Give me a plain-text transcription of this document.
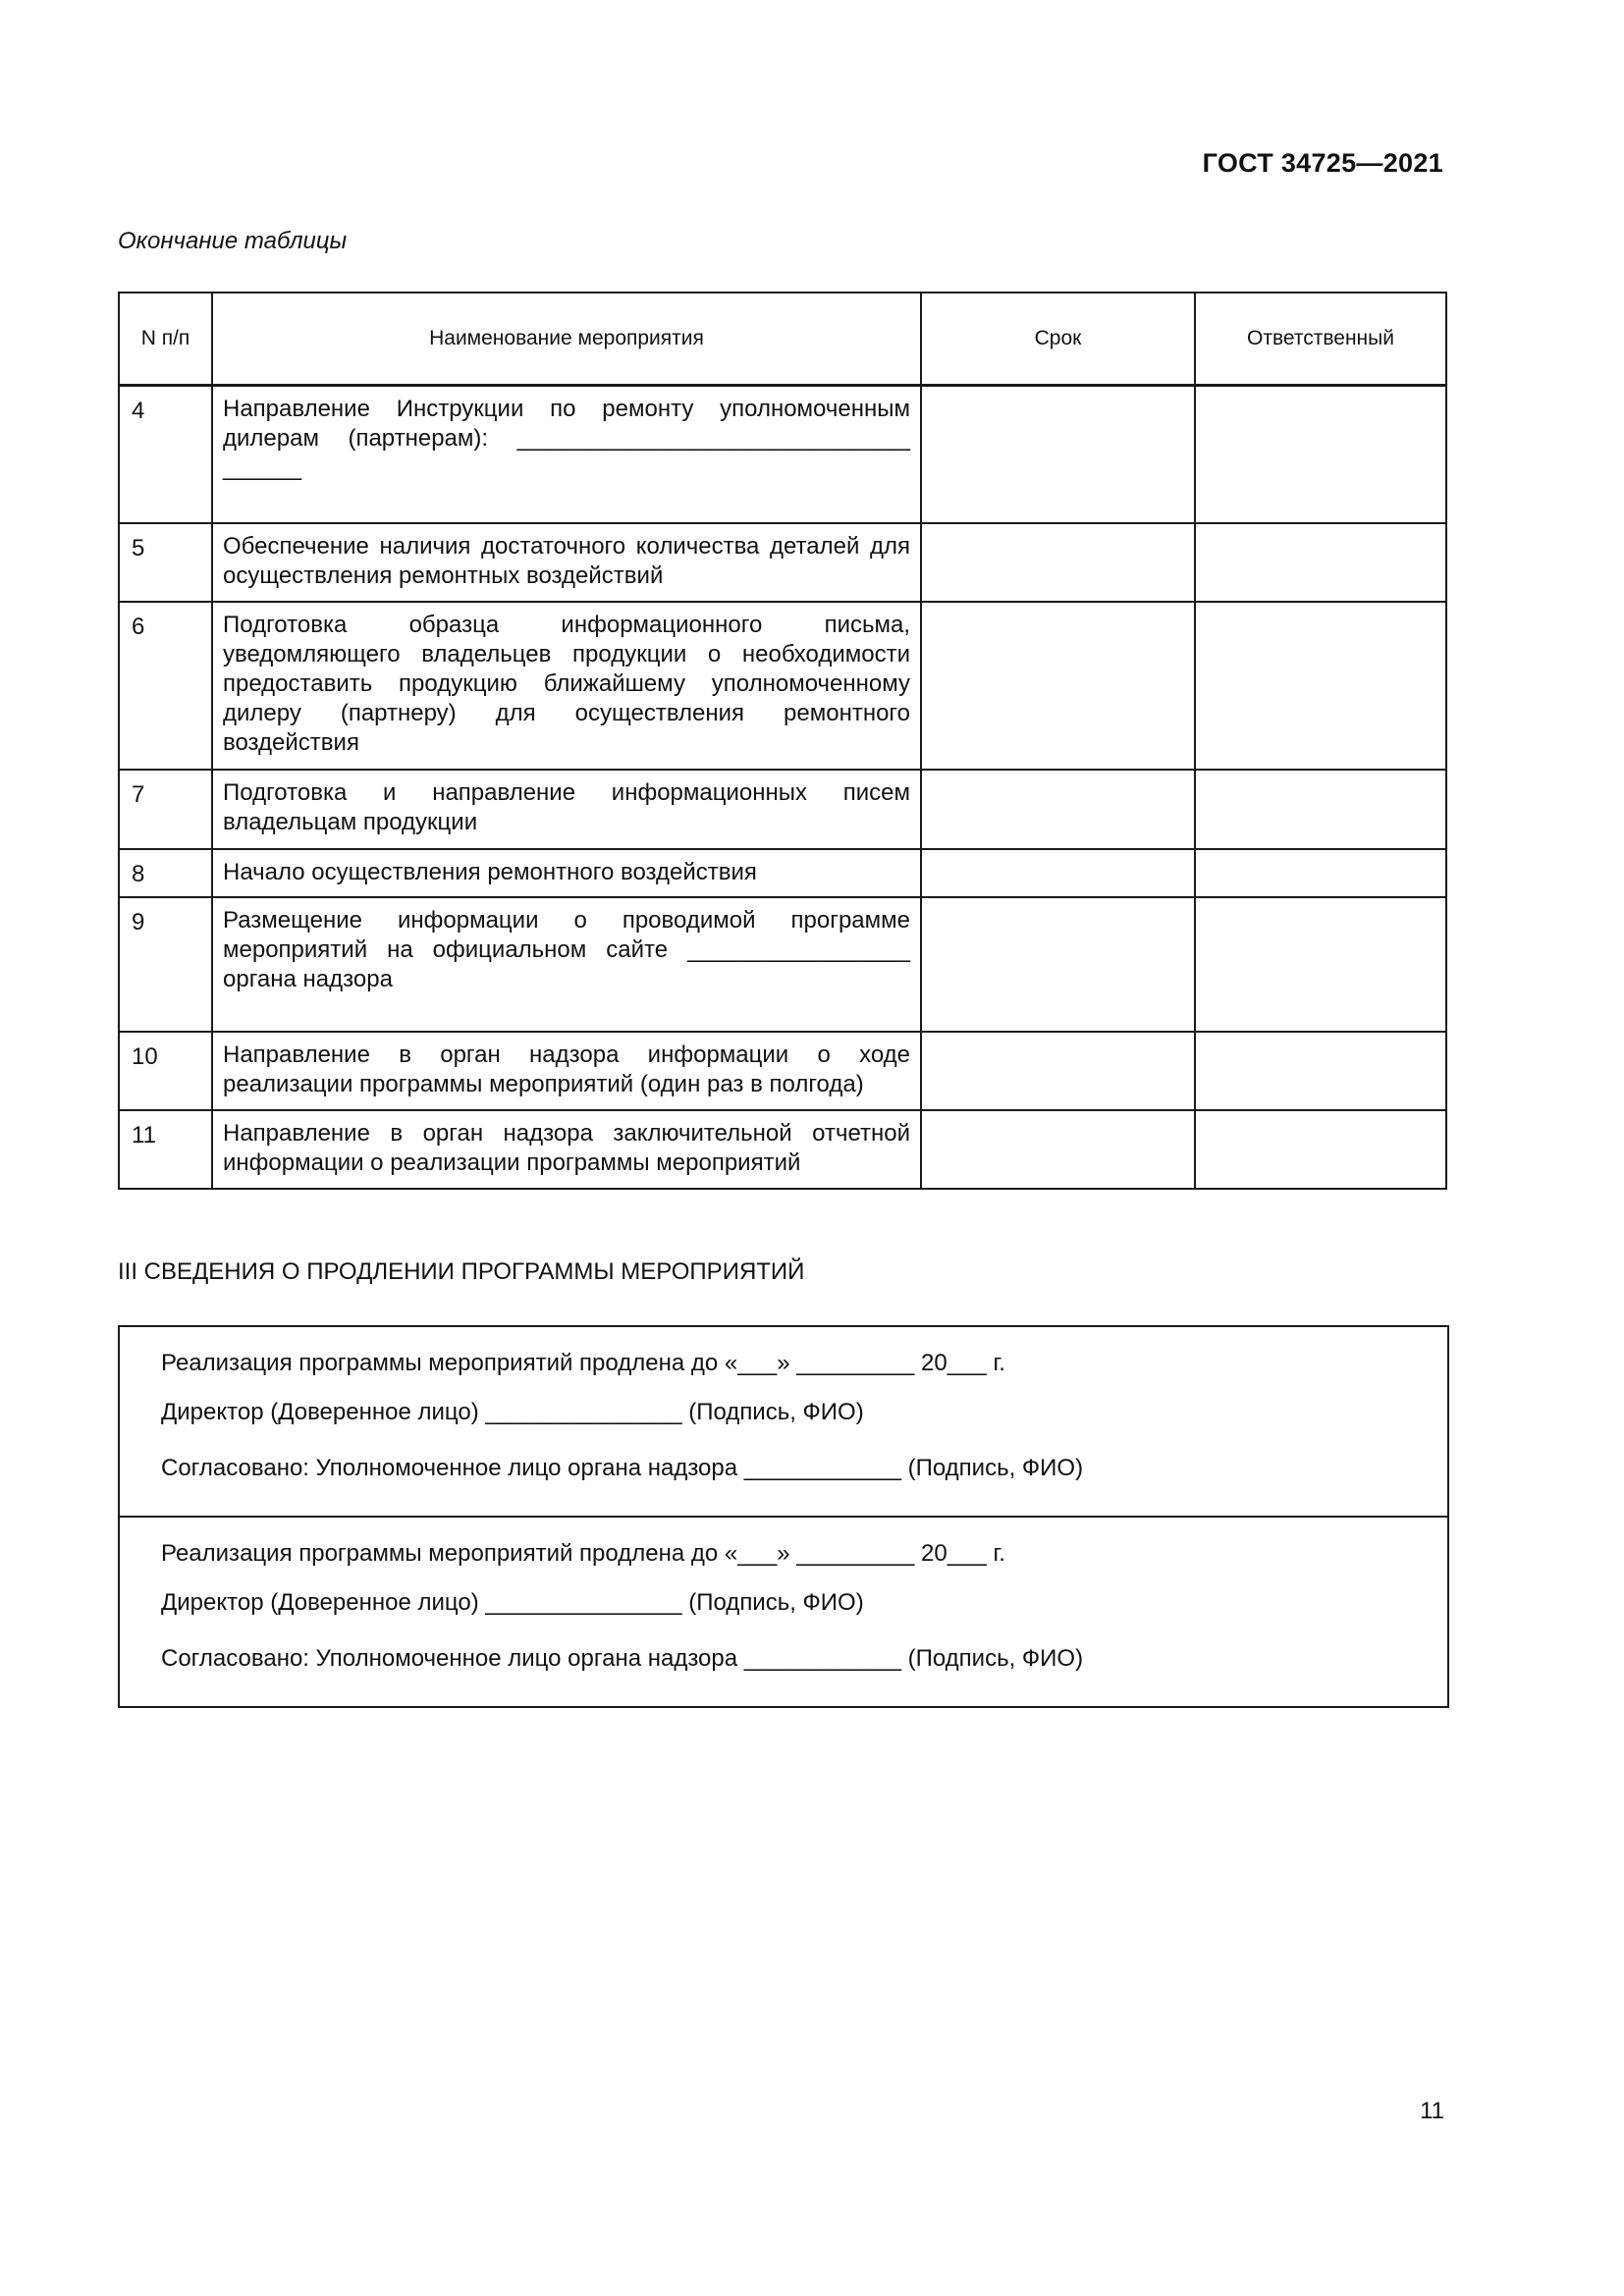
ГОСТ 34725—2021
Окончание таблицы
N п/п	Наименование мероприятия	Срок	Ответственный
4	Направление Инструкции по ремонту уполномоченным дилерам (партнерам): ______________________________ ______		
5	Обеспечение наличия достаточного количества деталей для осуществления ремонтных воздействий		
6	Подготовка образца информационного письма, уведомляющего владельцев продукции о необходимости предоставить продукцию ближайшему уполномоченному дилеру (партнеру) для осуществления ремонтного воздействия		
7	Подготовка и направление информационных писем владельцам продукции		
8	Начало осуществления ремонтного воздействия		
9	Размещение информации о проводимой программе мероприятий на официальном сайте _________________ органа надзора		
10	Направление в орган надзора информации о ходе реализации программы мероприятий (один раз в полгода)		
11	Направление в орган надзора заключительной отчетной информации о реализации программы мероприятий		
III СВЕДЕНИЯ О ПРОДЛЕНИИ ПРОГРАММЫ МЕРОПРИЯТИЙ
Реализация программы мероприятий продлена до «___» _________ 20___ г.
Директор (Доверенное лицо) _______________ (Подпись, ФИО)
Согласовано: Уполномоченное лицо органа надзора ____________ (Подпись, ФИО)
Реализация программы мероприятий продлена до «___» _________ 20___ г.
Директор (Доверенное лицо) _______________ (Подпись, ФИО)
Согласовано: Уполномоченное лицо органа надзора ____________ (Подпись, ФИО)
11
